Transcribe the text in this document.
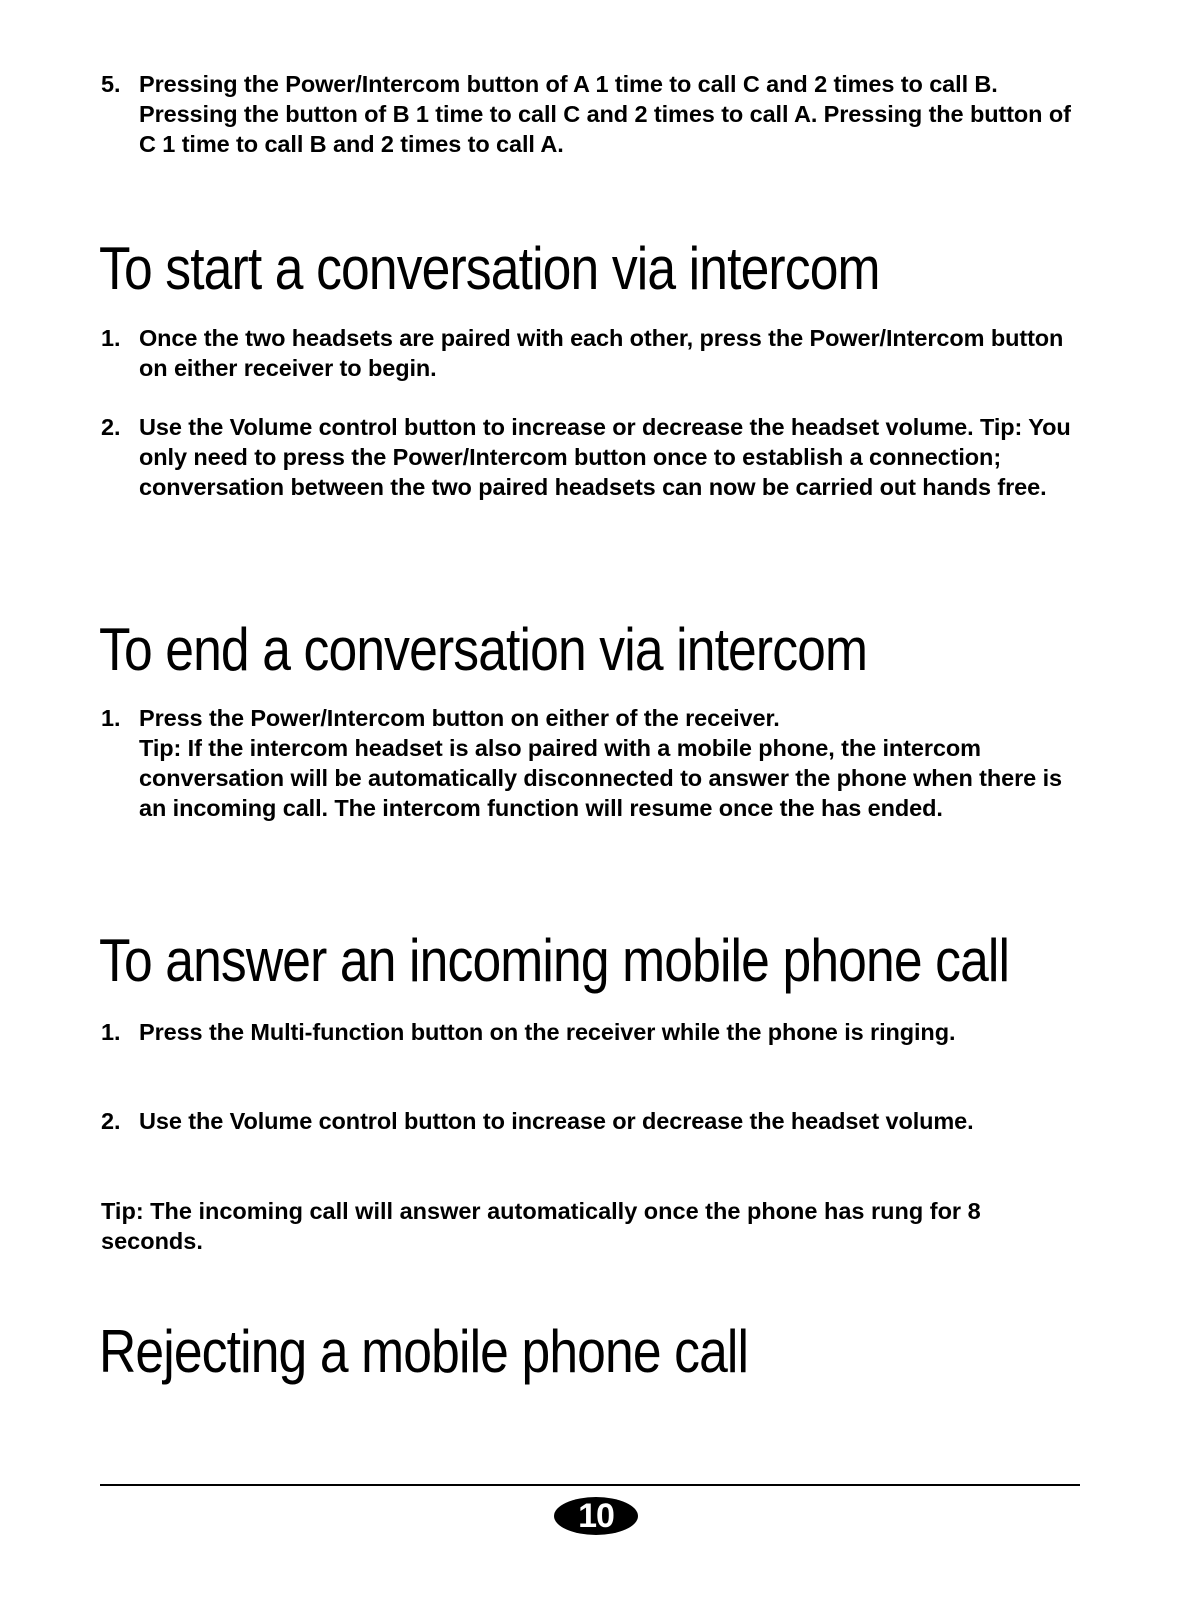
5. Pressing the Power/Intercom button of A 1 time to call C and 2 times to call B. Pressing the button of B 1 time to call C and 2 times to call A. Pressing the button of C 1 time to call B and 2 times to call A.
To start a conversation via intercom
1. Once the two headsets are paired with each other, press the Power/Intercom button on either receiver to begin.
2. Use the Volume control button to increase or decrease the headset volume. Tip: You only need to press the Power/Intercom button once to establish a connection; conversation between the two paired headsets can now be carried out hands free.
To end a conversation via intercom
1. Press the Power/Intercom button on either of the receiver.
Tip: If the intercom headset is also paired with a mobile phone, the intercom conversation will be automatically disconnected to answer the phone when there is an incoming call. The intercom function will resume once the has ended.
To answer an incoming mobile phone call
1. Press the Multi-function button on the receiver while the phone is ringing.
2. Use the Volume control button to increase or decrease the headset volume.
Tip: The incoming call will answer automatically once the phone has rung for 8 seconds.
Rejecting a mobile phone call
10
